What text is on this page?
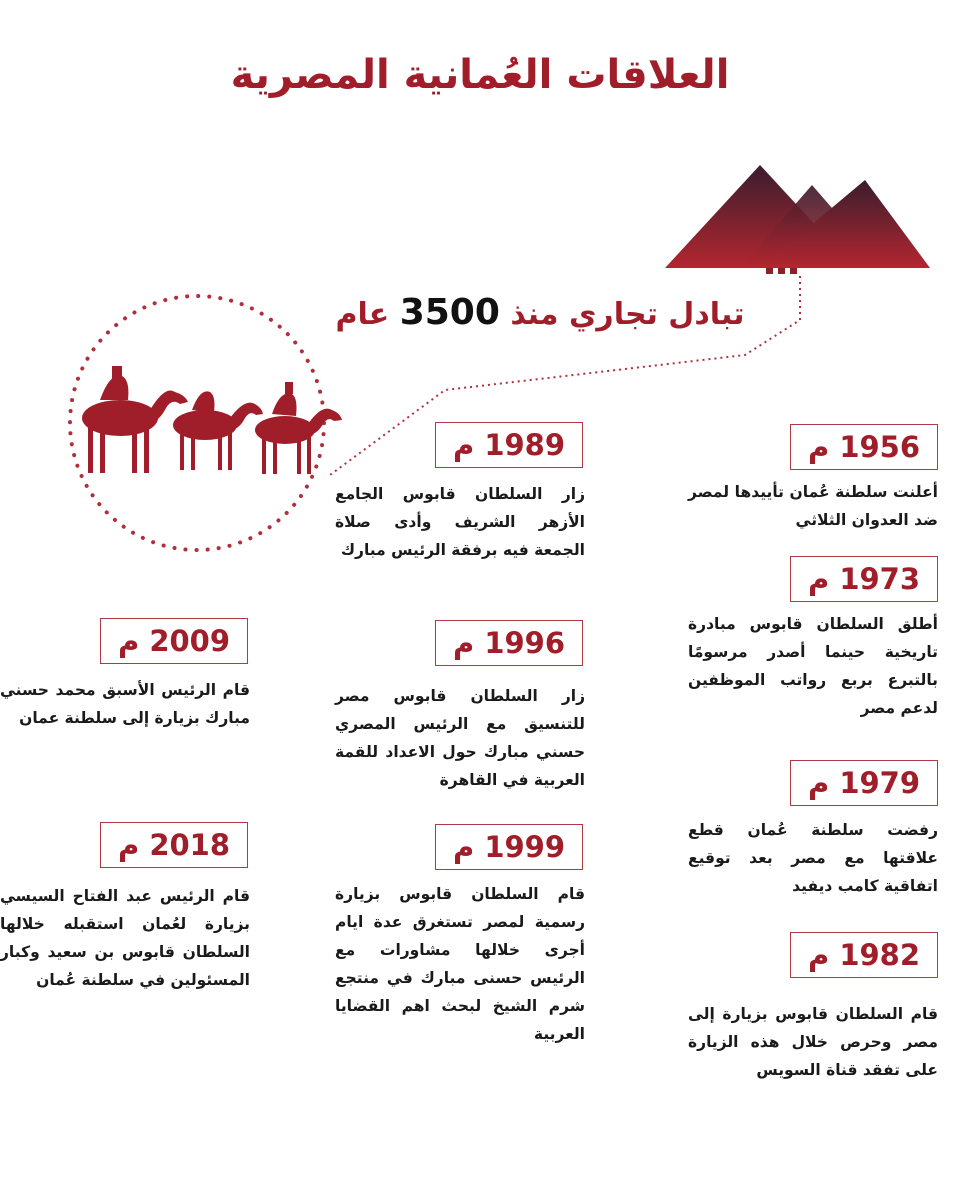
العلاقات العُمانية المصرية
تبادل تجاري منذ 3500 عام
1956 م
أعلنت سلطنة عُمان تأييدها لمصر ضد العدوان الثلاثي
1973 م
أطلق السلطان قابوس مبادرة تاريخية حينما أصدر مرسومًا بالتبرع بربع رواتب الموظفين لدعم مصر
1979 م
رفضت سلطنة عُمان قطع علاقتها مع مصر بعد توقيع اتفاقية كامب ديفيد
1982 م
قام السلطان قابوس بزيارة إلى مصر وحرص خلال هذه الزيارة على تفقد قناة السويس
1989 م
زار السلطان قابوس الجامع الأزهر الشريف وأدى صلاة الجمعة فيه برفقة الرئيس مبارك
1996 م
زار السلطان قابوس مصر للتنسيق مع الرئيس المصري حسني مبارك حول الاعداد للقمة العربية في القاهرة
1999 م
قام السلطان قابوس بزيارة رسمية لمصر تستغرق عدة ايام أجرى خلالها مشاورات مع الرئيس حسنى مبارك في منتجع شرم الشيخ لبحث اهم القضايا العربية
2009 م
قام الرئيس الأسبق محمد حسني مبارك بزيارة إلى سلطنة عمان
2018 م
قام الرئيس عبد الفتاح السيسي بزيارة لعُمان استقبله خلالها السلطان قابوس بن سعيد وكبار المسئولين في سلطنة عُمان
